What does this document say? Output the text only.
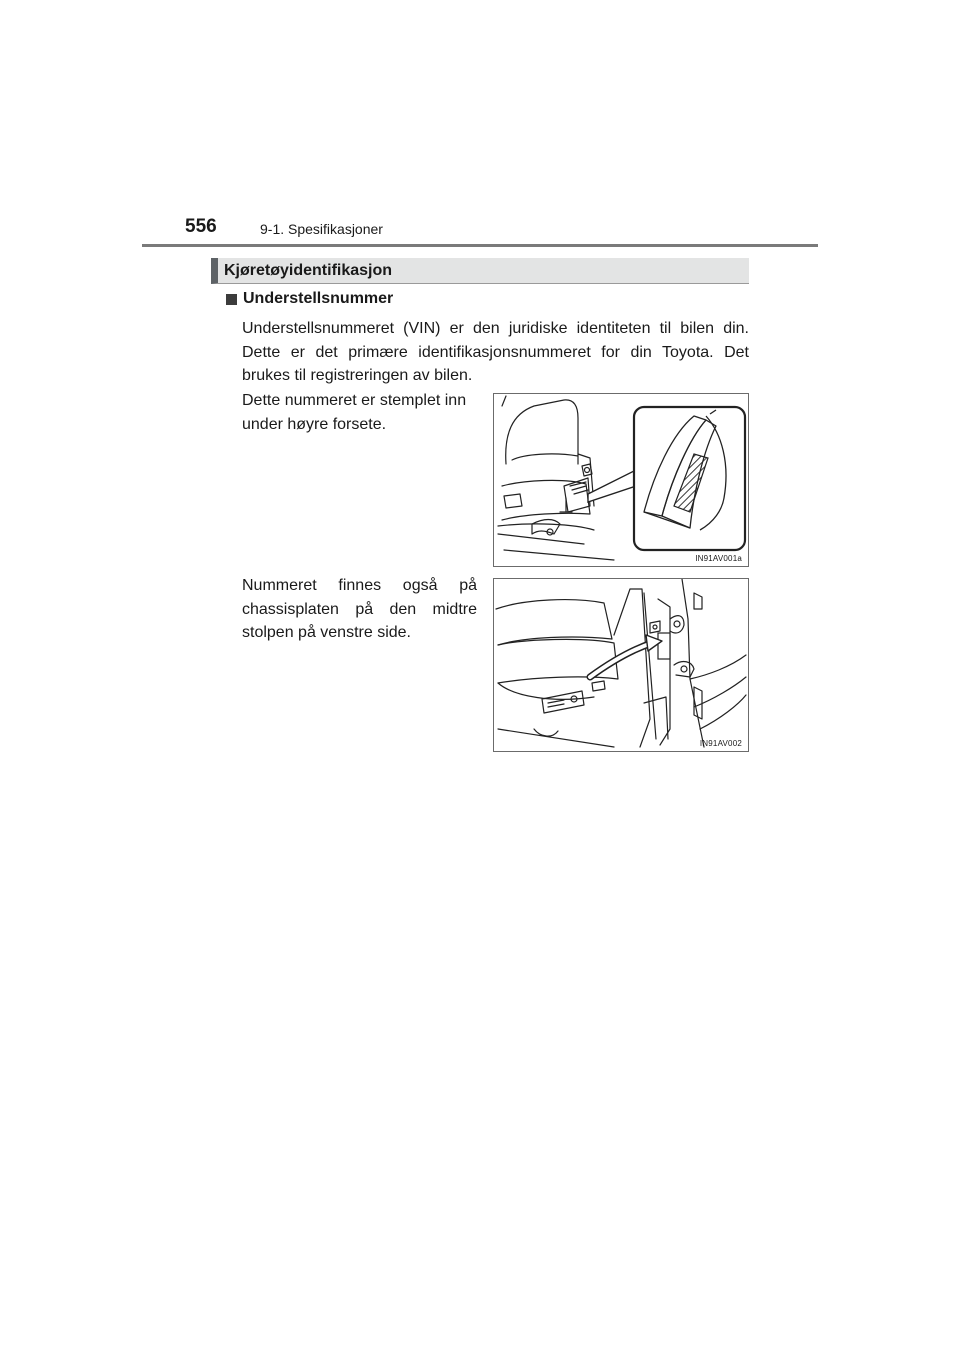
556	9-1. Spesifikasjoner
Kjøretøyidentifikasjon
Understellsnummer
Understellsnummeret (VIN) er den juridiske identiteten til bilen din. Dette er det primære identifikasjonsnummeret for din Toyota. Det brukes til registreringen av bilen.
Dette nummeret er stemplet inn under høyre forsete.
Nummeret finnes også på chassisplaten på den midtre stolpen på venstre side.
IN91AV001a
IN91AV002
